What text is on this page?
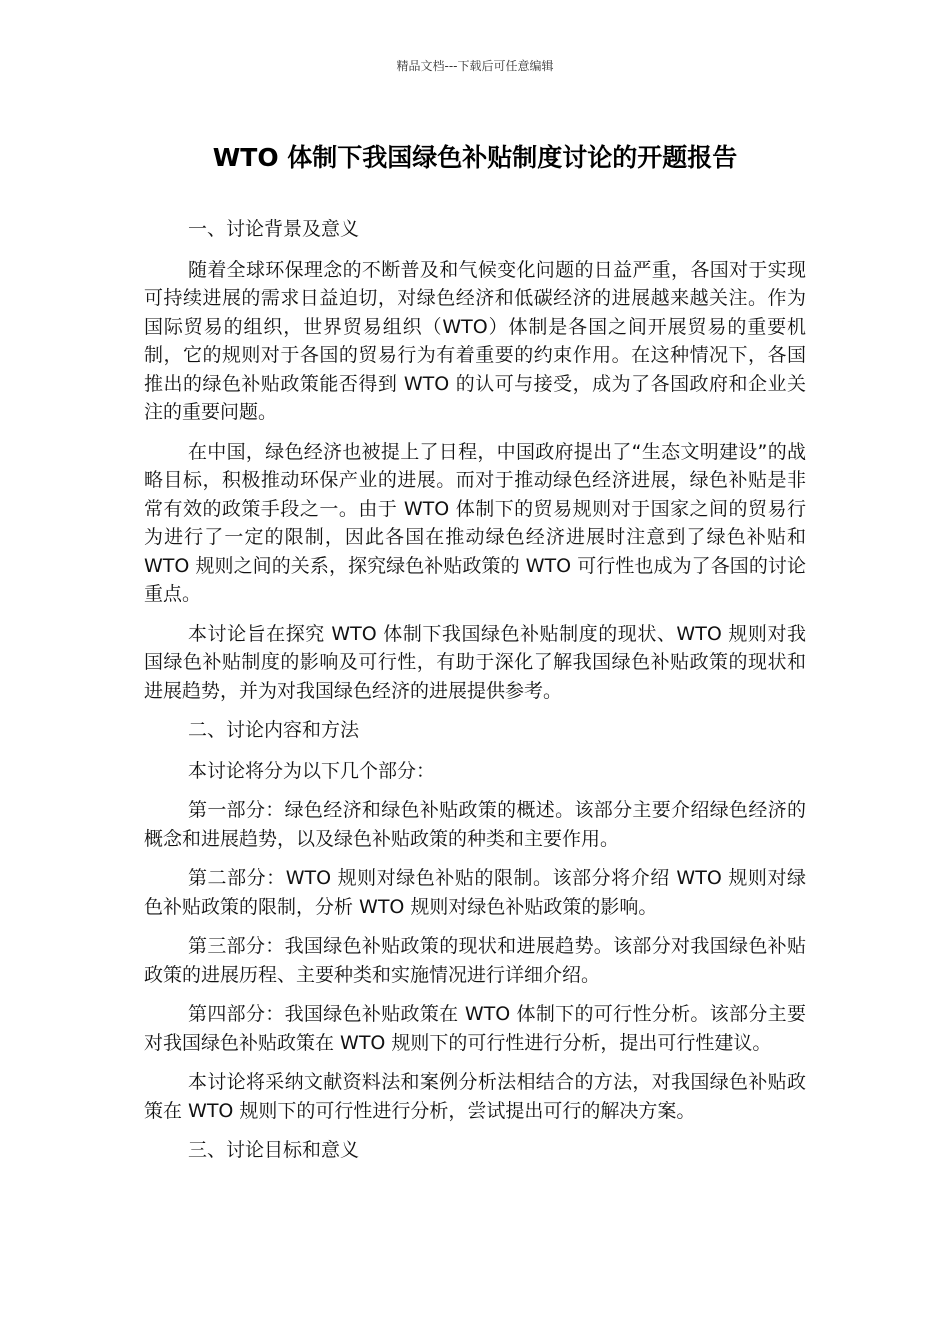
精品文档---下载后可任意编辑
WTO 体制下我国绿色补贴制度讨论的开题报告

一、讨论背景及意义

随着全球环保理念的不断普及和气候变化问题的日益严重，各国对于实现可持续进展的需求日益迫切，对绿色经济和低碳经济的进展越来越关注。作为国际贸易的组织，世界贸易组织（WTO）体制是各国之间开展贸易的重要机制，它的规则对于各国的贸易行为有着重要的约束作用。在这种情况下，各国推出的绿色补贴政策能否得到 WTO 的认可与接受，成为了各国政府和企业关注的重要问题。

在中国，绿色经济也被提上了日程，中国政府提出了“生态文明建设”的战略目标，积极推动环保产业的进展。而对于推动绿色经济进展，绿色补贴是非常有效的政策手段之一。由于 WTO 体制下的贸易规则对于国家之间的贸易行为进行了一定的限制，因此各国在推动绿色经济进展时注意到了绿色补贴和 WTO 规则之间的关系，探究绿色补贴政策的 WTO 可行性也成为了各国的讨论重点。

本讨论旨在探究 WTO 体制下我国绿色补贴制度的现状、WTO 规则对我国绿色补贴制度的影响及可行性，有助于深化了解我国绿色补贴政策的现状和进展趋势，并为对我国绿色经济的进展提供参考。

二、讨论内容和方法

本讨论将分为以下几个部分：

第一部分：绿色经济和绿色补贴政策的概述。该部分主要介绍绿色经济的概念和进展趋势，以及绿色补贴政策的种类和主要作用。

第二部分：WTO 规则对绿色补贴的限制。该部分将介绍 WTO 规则对绿色补贴政策的限制，分析 WTO 规则对绿色补贴政策的影响。

第三部分：我国绿色补贴政策的现状和进展趋势。该部分对我国绿色补贴政策的进展历程、主要种类和实施情况进行详细介绍。

第四部分：我国绿色补贴政策在 WTO 体制下的可行性分析。该部分主要对我国绿色补贴政策在 WTO 规则下的可行性进行分析，提出可行性建议。

本讨论将采纳文献资料法和案例分析法相结合的方法，对我国绿色补贴政策在 WTO 规则下的可行性进行分析，尝试提出可行的解决方案。

三、讨论目标和意义
